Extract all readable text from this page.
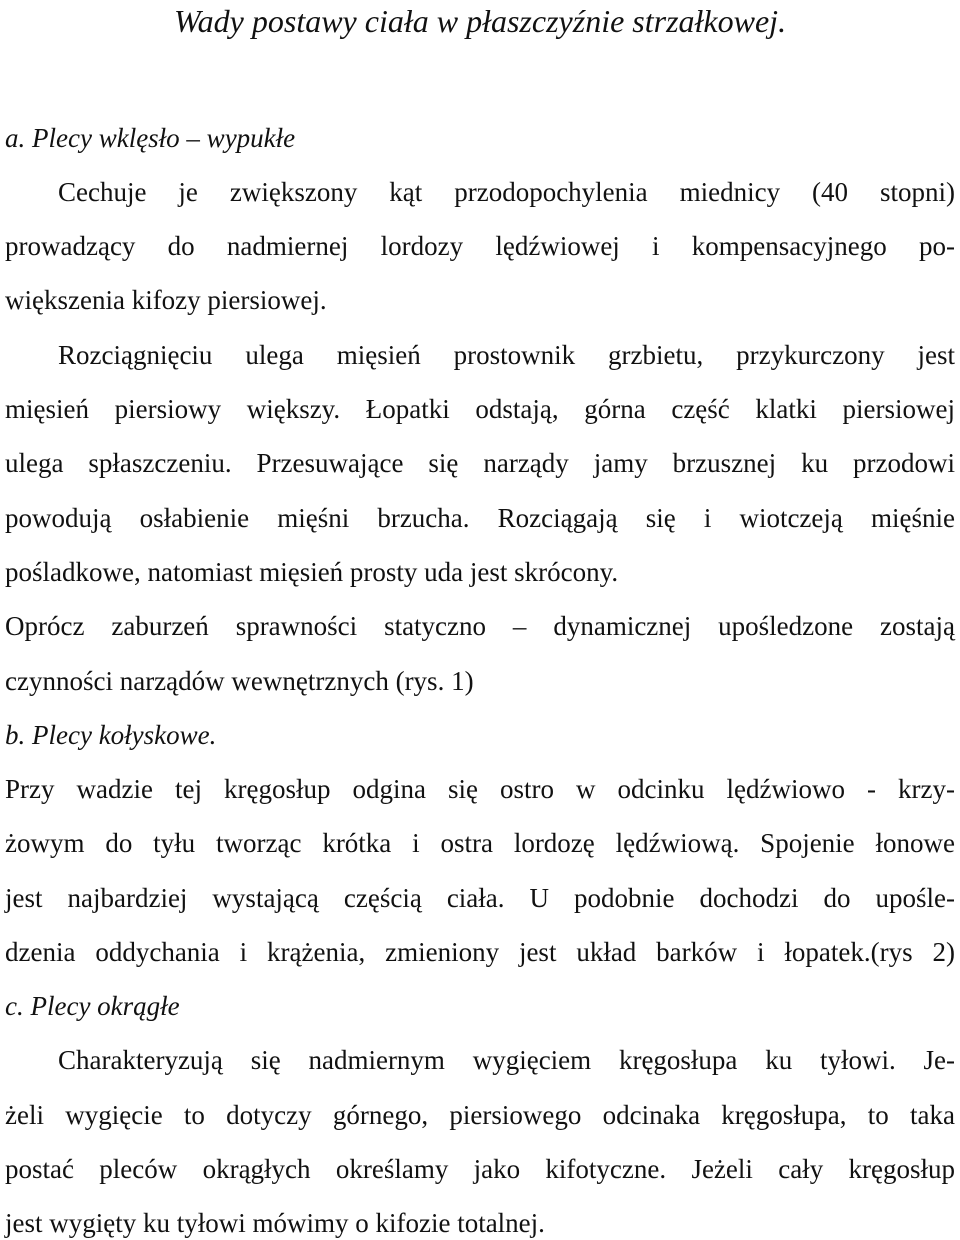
Wady postawy ciała w płaszczyźnie strzałkowej.
a. Plecy wklęsło – wypukłe
Cechuje je zwiększony kąt przodopochylenia miednicy (40 stopni)
prowadzący do nadmiernej lordozy lędźwiowej i kompensacyjnego po-
większenia kifozy piersiowej.
Rozciągnięciu ulega mięsień prostownik grzbietu, przykurczony jest
mięsień piersiowy większy. Łopatki odstają, górna część klatki piersiowej
ulega spłaszczeniu. Przesuwające się narządy jamy brzusznej ku przodowi
powodują osłabienie mięśni brzucha. Rozciągają się i wiotczeją mięśnie
pośladkowe, natomiast mięsień prosty uda jest skrócony.
Oprócz zaburzeń sprawności statyczno – dynamicznej upośledzone zostają
czynności narządów wewnętrznych (rys. 1)
b. Plecy kołyskowe.
Przy wadzie tej kręgosłup odgina się ostro w odcinku lędźwiowo - krzy-
żowym do tyłu tworząc krótka i ostra lordozę lędźwiową. Spojenie łonowe
jest najbardziej wystającą częścią ciała. U podobnie dochodzi do upośle-
dzenia oddychania i krążenia, zmieniony jest układ barków i łopatek.(rys 2)
c. Plecy okrągłe
Charakteryzują się nadmiernym wygięciem kręgosłupa ku tyłowi. Je-
żeli wygięcie to dotyczy górnego, piersiowego odcinaka kręgosłupa, to taka
postać pleców okrągłych określamy jako kifotyczne. Jeżeli cały kręgosłup
jest wygięty ku tyłowi mówimy o kifozie totalnej.
